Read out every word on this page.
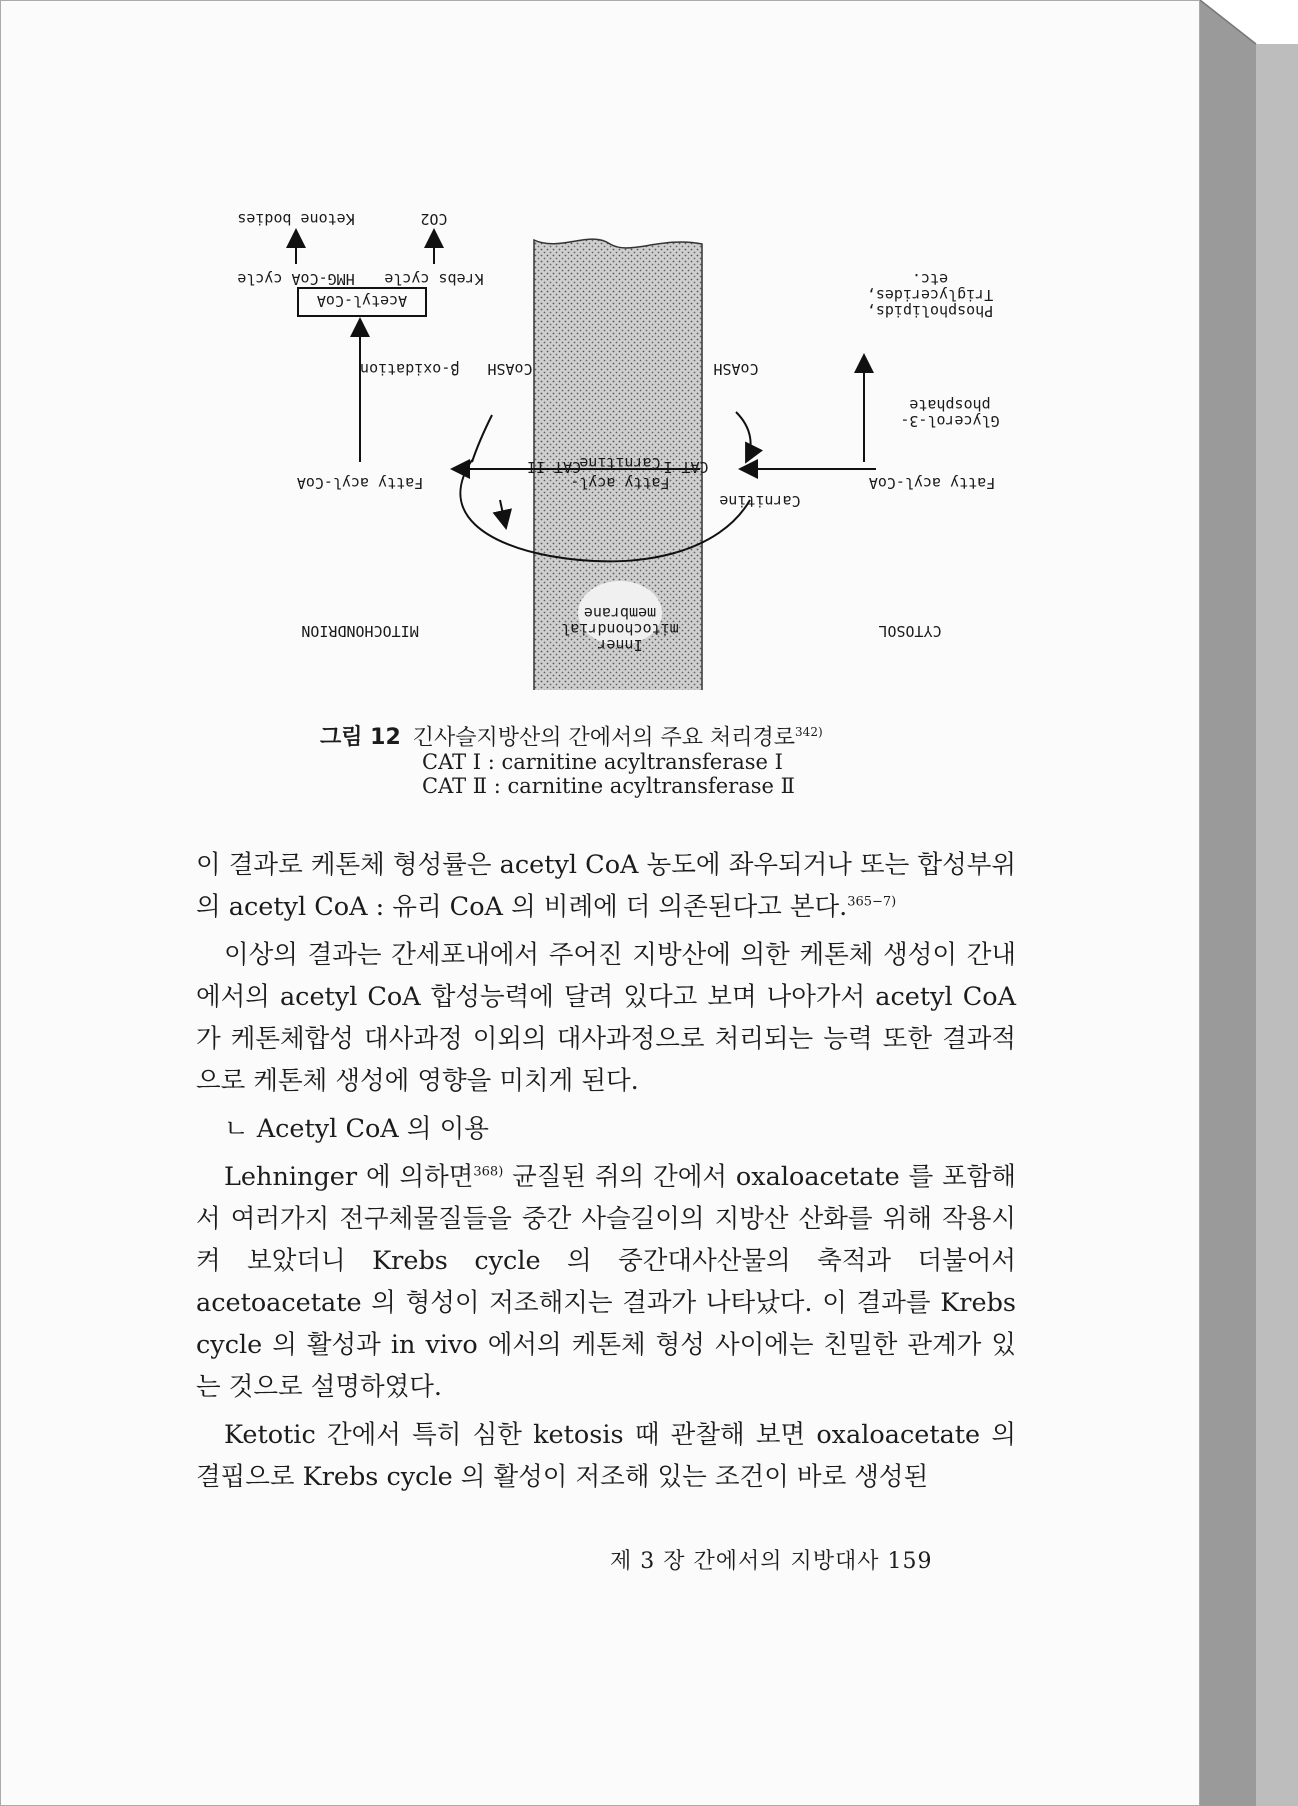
Ketone bodies	CO2
HMG-CoA cycle Krebs cycle
Acetyl-CoA
β-oxidation CoASH	CoASH
Phospholipids,
Triglycerides,
etc.
Glycerol-3-
phosphate
Fatty acyl-CoA	Fatty acyl-CoA
Fatty acyl-
Carnitine
CAT II	CAT I
Carnitine
MITOCHONDRION	CYTOSOL
Inner
mitochondrial
membrane
그림 12 긴사슬지방산의 간에서의 주요 처리경로$^{342)}$
CAT Ⅰ : carnitine acyltransferase Ⅰ
CAT Ⅱ : carnitine acyltransferase Ⅱ

이 결과로 케톤체 형성률은 acetyl CoA 농도에 좌우되거나 또는 합성부위의 acetyl CoA : 유리 CoA 의 비례에 더 의존된다고 본다.$^{365-7)}$

이상의 결과는 간세포내에서 주어진 지방산에 의한 케톤체 생성이 간내에서의 acetyl CoA 합성능력에 달려 있다고 보며 나아가서 acetyl CoA 가 케톤체합성 대사과정 이외의 대사과정으로 처리되는 능력 또한 결과적으로 케톤체 생성에 영향을 미치게 된다.

ㄴ Acetyl CoA 의 이용

Lehninger 에 의하면$^{368)}$ 균질된 쥐의 간에서 oxaloacetate 를 포함해서 여러가지 전구체물질들을 중간 사슬길이의 지방산 산화를 위해 작용시켜 보았더니 Krebs cycle 의 중간대사산물의 축적과 더불어서 acetoacetate 의 형성이 저조해지는 결과가 나타났다. 이 결과를 Krebs cycle 의 활성과 in vivo 에서의 케톤체 형성 사이에는 친밀한 관계가 있는 것으로 설명하였다.

Ketotic 간에서 특히 심한 ketosis 때 관찰해 보면 oxaloacetate 의 결핍으로 Krebs cycle 의 활성이 저조해 있는 조건이 바로 생성된

제 3 장 간에서의 지방대사 159
